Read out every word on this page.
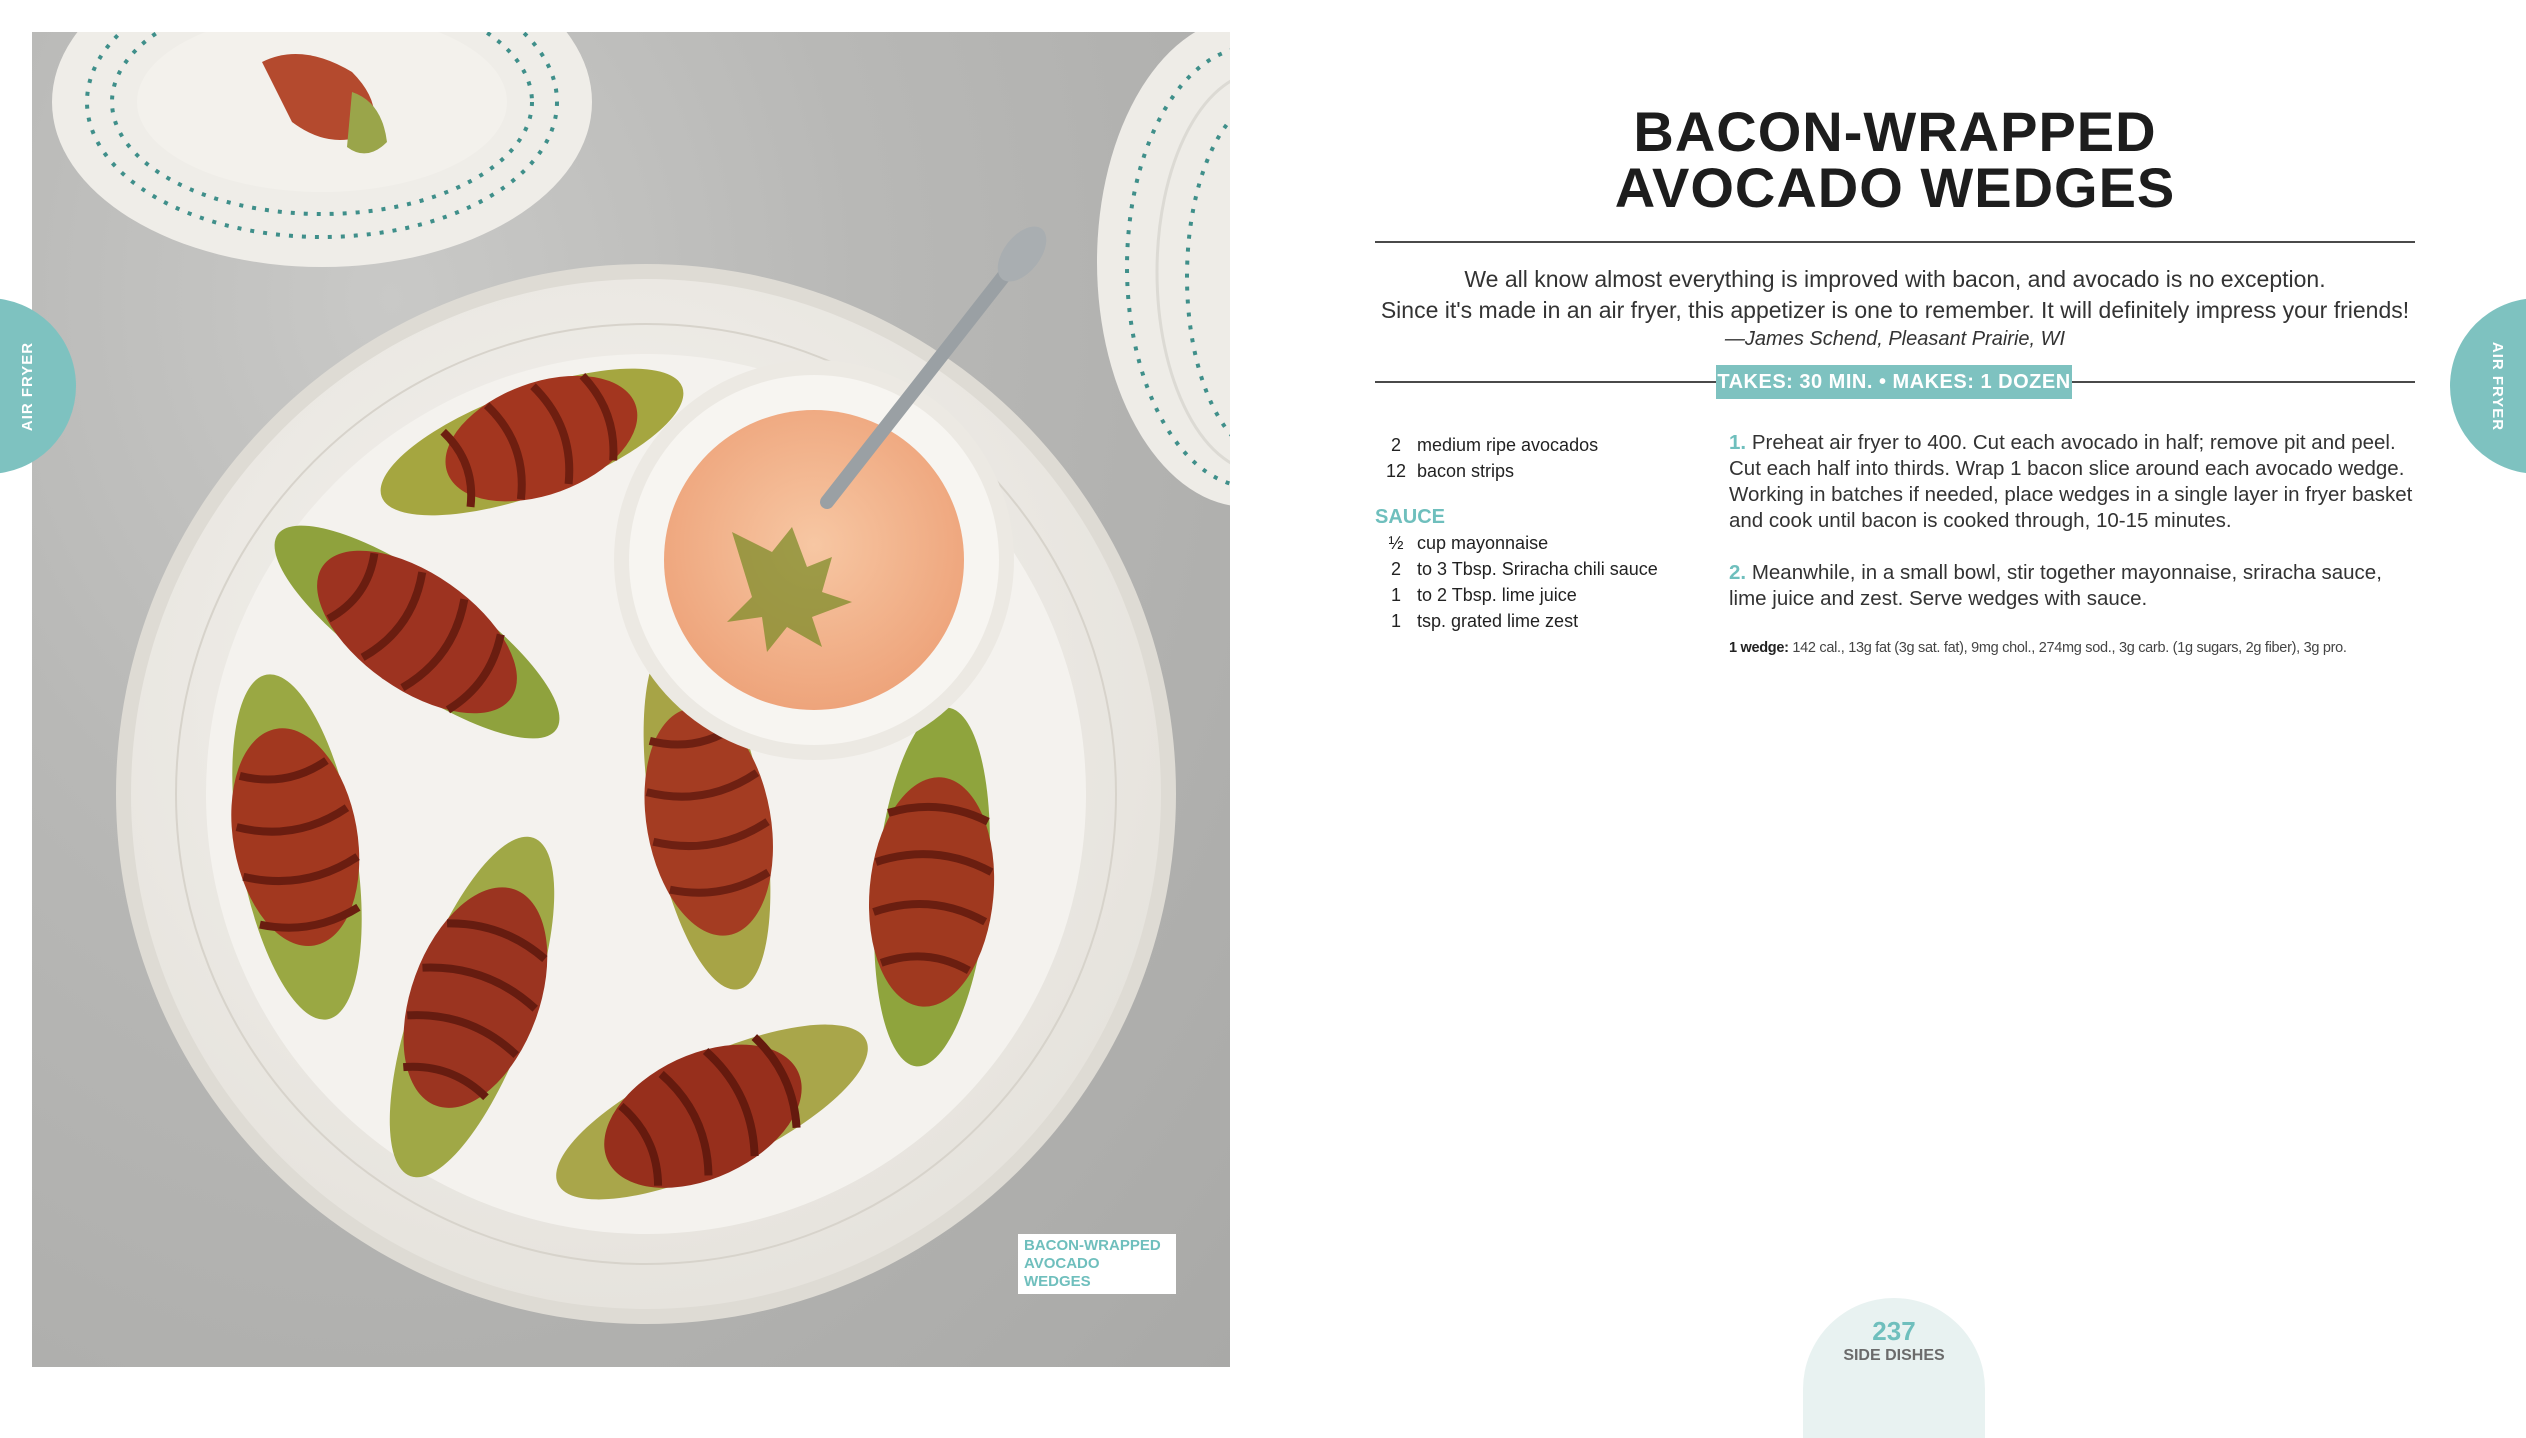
BACON-WRAPPED AVOCADO WEDGES
AIR FRYER	AIR FRYER
BACON-WRAPPED
AVOCADO WEDGES
We all know almost everything is improved with bacon, and avocado is no exception.
Since it's made in an air fryer, this appetizer is one to remember. It will definitely impress your friends!
—James Schend, Pleasant Prairie, WI
TAKES: 30 MIN. • MAKES: 1 DOZEN
2 medium ripe avocados
12 bacon strips
SAUCE
½ cup mayonnaise
2 to 3 Tbsp. Sriracha chili sauce
1 to 2 Tbsp. lime juice
1 tsp. grated lime zest

1. Preheat air fryer to 400. Cut each avocado in half; remove pit and peel. Cut each half into thirds. Wrap 1 bacon slice around each avocado wedge. Working in batches if needed, place wedges in a single layer in fryer basket and cook until bacon is cooked through, 10-15 minutes.

2. Meanwhile, in a small bowl, stir together mayonnaise, sriracha sauce, lime juice and zest. Serve wedges with sauce.

1 wedge: 142 cal., 13g fat (3g sat. fat), 9mg chol., 274mg sod., 3g carb. (1g sugars, 2g fiber), 3g pro.
237
SIDE DISHES
